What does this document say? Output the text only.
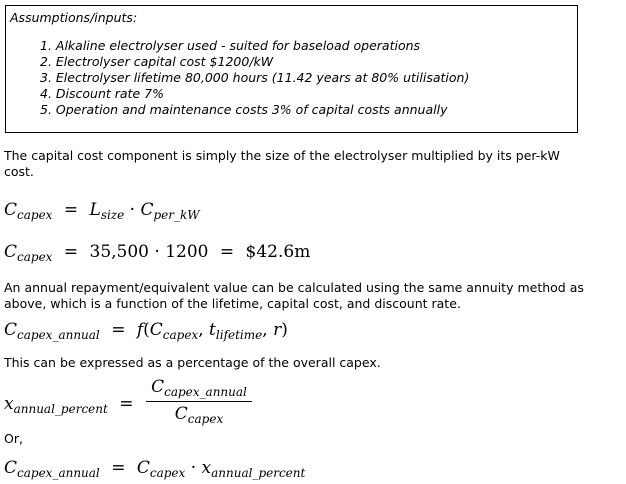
Assumptions/inputs:
1. Alkaline electrolyser used - suited for baseload operations
2. Electrolyser capital cost $1200/kW
3. Electrolyser lifetime 80,000 hours (11.42 years at 80% utilisation)
4. Discount rate 7%
5. Operation and maintenance costs 3% of capital costs annually
The capital cost component is simply the size of the electrolyser multiplied by its per-kW
cost.
$C_{capex} = L_{size} \cdot C_{per\_kW}$
$C_{capex} = 35,500 \cdot 1200$ = $42.6m
An annual repayment/equivalent value can be calculated using the same annuity method as
above, which is a function of the lifetime, capital cost, and discount rate.
$C_{capex\_annual} = f(C_{capex}$, $t_{lifetime}$, r)
This can be expressed as a percentage of the overall capex.
$x_{annual\_percent}$ =
$C_{capex\_annual}$
$C_{capex}$
Or,
$C_{capex\_annual} = C_{capex} \cdot x_{annual\_percent}$
